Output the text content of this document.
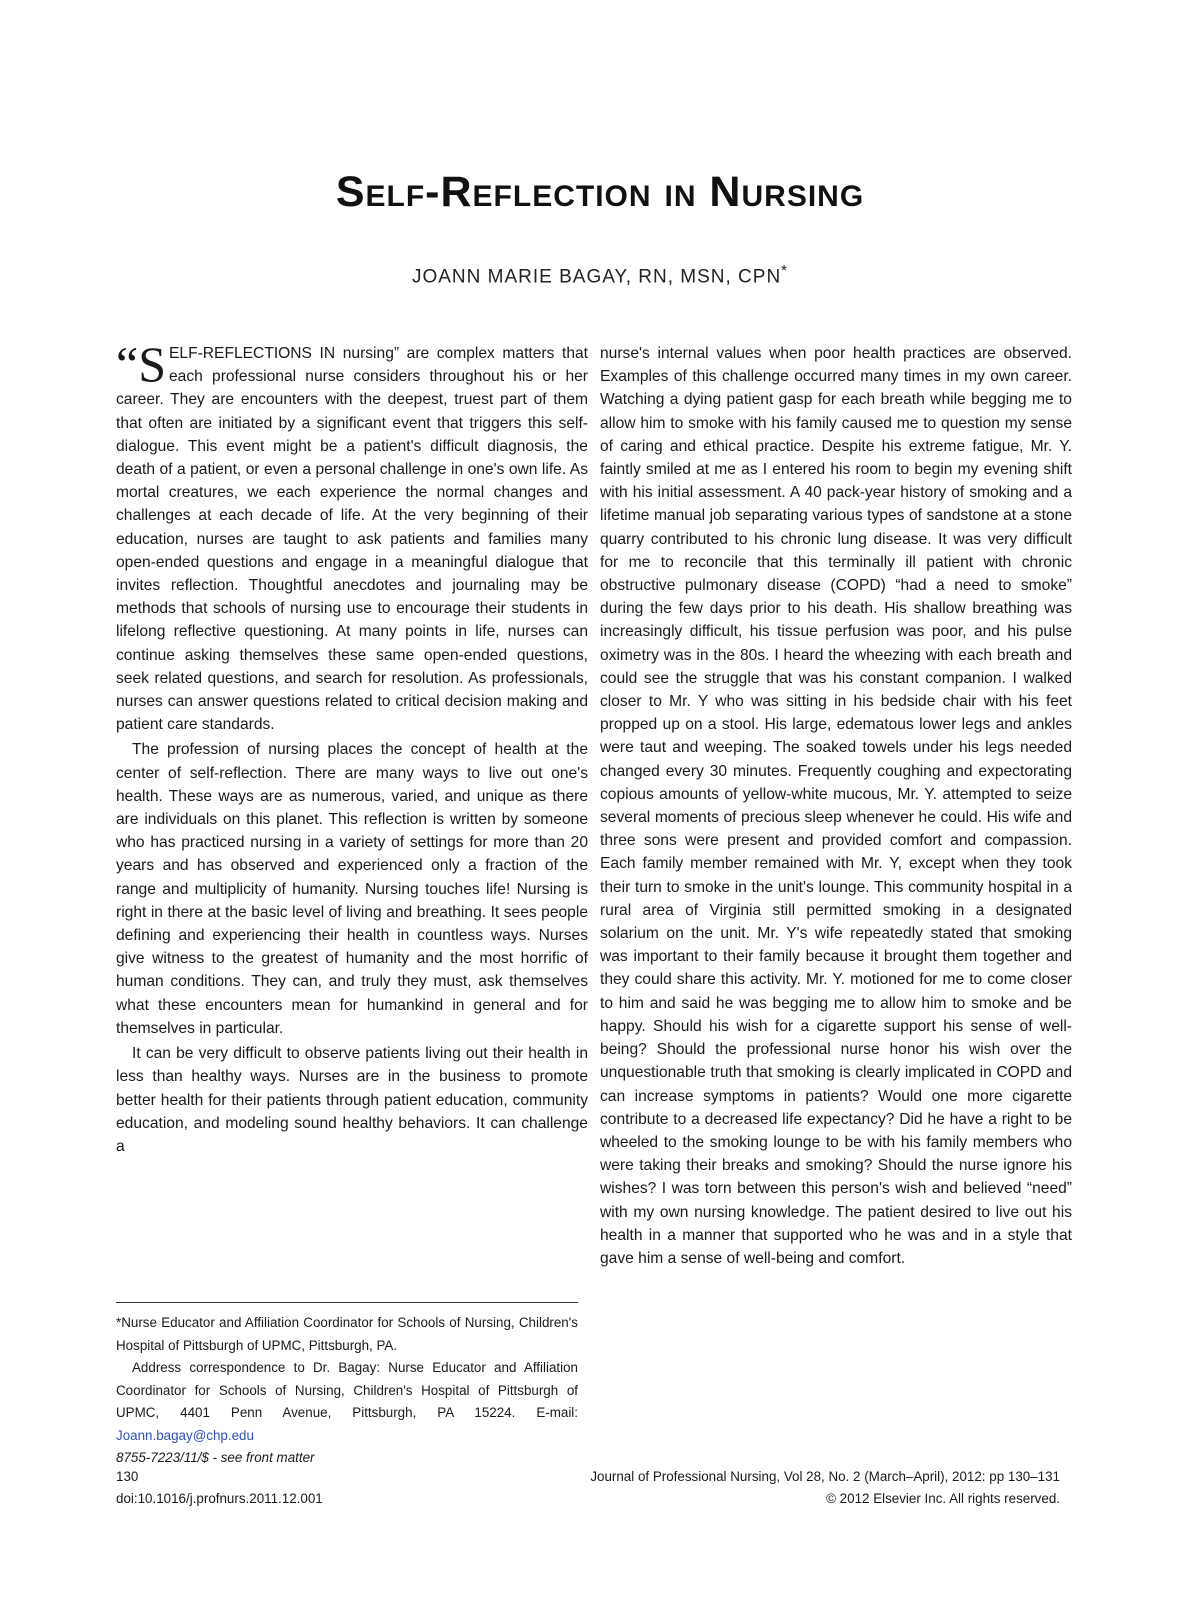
Self-Reflection in Nursing
JOANN MARIE BAGAY, RN, MSN, CPN*

“SELF-REFLECTIONS IN nursing” are complex matters that each professional nurse considers throughout his or her career. They are encounters with the deepest, truest part of them that often are initiated by a significant event that triggers this self-dialogue. This event might be a patient's difficult diagnosis, the death of a patient, or even a personal challenge in one's own life. As mortal creatures, we each experience the normal changes and challenges at each decade of life. At the very beginning of their education, nurses are taught to ask patients and families many open-ended questions and engage in a meaningful dialogue that invites reflection. Thoughtful anecdotes and journaling may be methods that schools of nursing use to encourage their students in lifelong reflective questioning. At many points in life, nurses can continue asking themselves these same open-ended questions, seek related questions, and search for resolution. As professionals, nurses can answer questions related to critical decision making and patient care standards.

The profession of nursing places the concept of health at the center of self-reflection. There are many ways to live out one's health. These ways are as numerous, varied, and unique as there are individuals on this planet. This reflection is written by someone who has practiced nursing in a variety of settings for more than 20 years and has observed and experienced only a fraction of the range and multiplicity of humanity. Nursing touches life! Nursing is right in there at the basic level of living and breathing. It sees people defining and experiencing their health in countless ways. Nurses give witness to the greatest of humanity and the most horrific of human conditions. They can, and truly they must, ask themselves what these encounters mean for humankind in general and for themselves in particular.

It can be very difficult to observe patients living out their health in less than healthy ways. Nurses are in the business to promote better health for their patients through patient education, community education, and modeling sound healthy behaviors. It can challenge a

*Nurse Educator and Affiliation Coordinator for Schools of Nursing, Children's Hospital of Pittsburgh of UPMC, Pittsburgh, PA.

Address correspondence to Dr. Bagay: Nurse Educator and Affiliation Coordinator for Schools of Nursing, Children's Hospital of Pittsburgh of UPMC, 4401 Penn Avenue, Pittsburgh, PA 15224. E-mail: Joann.bagay@chp.edu

8755-7223/11/$ - see front matter

nurse's internal values when poor health practices are observed. Examples of this challenge occurred many times in my own career. Watching a dying patient gasp for each breath while begging me to allow him to smoke with his family caused me to question my sense of caring and ethical practice. Despite his extreme fatigue, Mr. Y. faintly smiled at me as I entered his room to begin my evening shift with his initial assessment. A 40 pack-year history of smoking and a lifetime manual job separating various types of sandstone at a stone quarry contributed to his chronic lung disease. It was very difficult for me to reconcile that this terminally ill patient with chronic obstructive pulmonary disease (COPD) “had a need to smoke” during the few days prior to his death. His shallow breathing was increasingly difficult, his tissue perfusion was poor, and his pulse oximetry was in the 80s. I heard the wheezing with each breath and could see the struggle that was his constant companion. I walked closer to Mr. Y who was sitting in his bedside chair with his feet propped up on a stool. His large, edematous lower legs and ankles were taut and weeping. The soaked towels under his legs needed changed every 30 minutes. Frequently coughing and expectorating copious amounts of yellow-white mucous, Mr. Y. attempted to seize several moments of precious sleep whenever he could. His wife and three sons were present and provided comfort and compassion. Each family member remained with Mr. Y, except when they took their turn to smoke in the unit's lounge. This community hospital in a rural area of Virginia still permitted smoking in a designated solarium on the unit. Mr. Y's wife repeatedly stated that smoking was important to their family because it brought them together and they could share this activity. Mr. Y. motioned for me to come closer to him and said he was begging me to allow him to smoke and be happy. Should his wish for a cigarette support his sense of well-being? Should the professional nurse honor his wish over the unquestionable truth that smoking is clearly implicated in COPD and can increase symptoms in patients? Would one more cigarette contribute to a decreased life expectancy? Did he have a right to be wheeled to the smoking lounge to be with his family members who were taking their breaks and smoking? Should the nurse ignore his wishes? I was torn between this person's wish and believed “need” with my own nursing knowledge. The patient desired to live out his health in a manner that supported who he was and in a style that gave him a sense of well-being and comfort.

130
doi:10.1016/j.profnurs.2011.12.001
Journal of Professional Nursing, Vol 28, No. 2 (March–April), 2012: pp 130–131
© 2012 Elsevier Inc. All rights reserved.
